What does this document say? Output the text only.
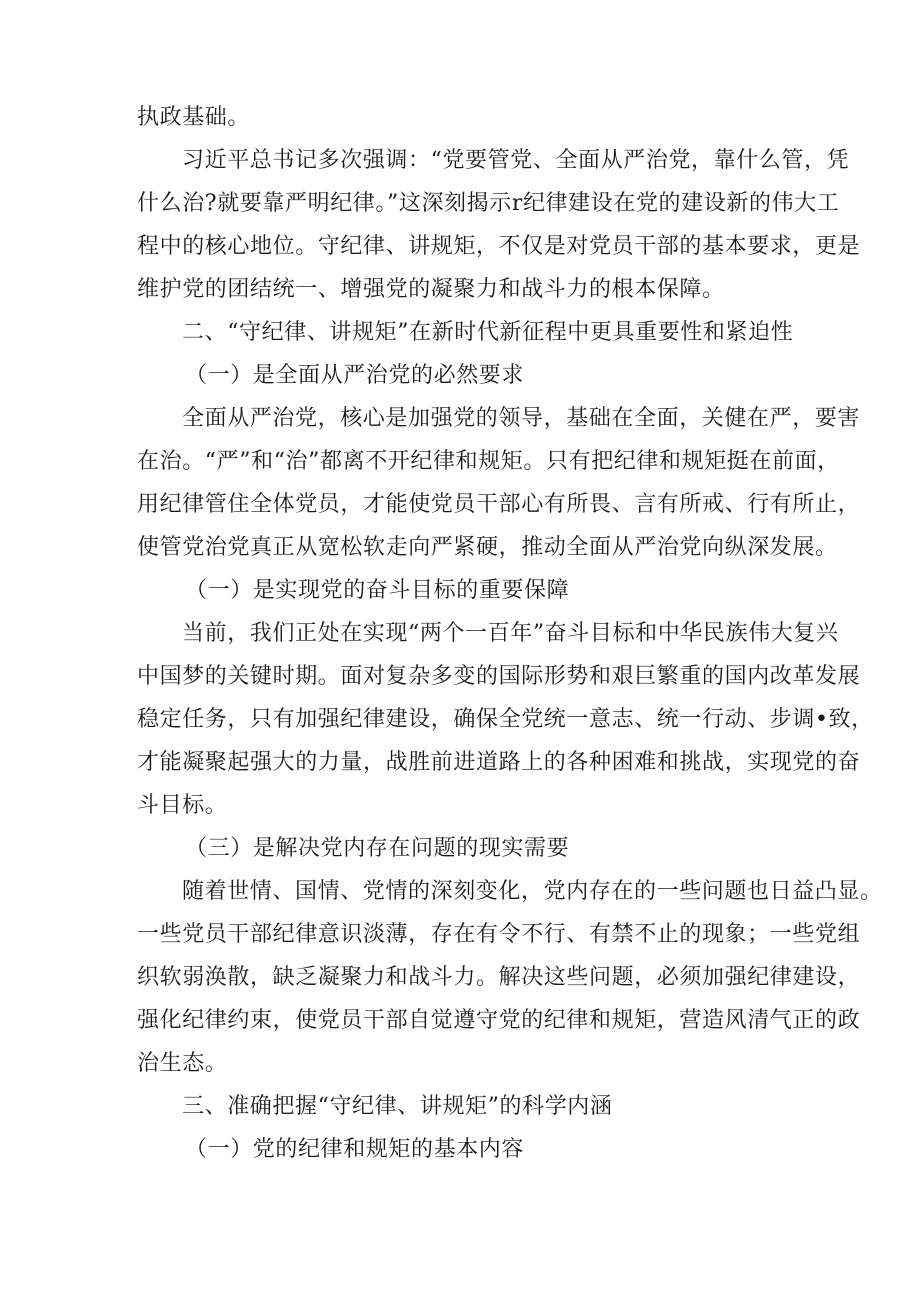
执政基础。
习近平总书记多次强调：“党要管党、全面从严治党，靠什么管，凭
什么治?就要靠严明纪律。”这深刻揭示r纪律建设在党的建设新的伟大工
程中的核心地位。守纪律、讲规矩，不仅是对党员干部的基本要求，更是
维护党的团结统一、增强党的凝聚力和战斗力的根本保障。
二、“守纪律、讲规矩”在新时代新征程中更具重要性和紧迫性
（一）是全面从严治党的必然要求
全面从严治党，核心是加强党的领导，基础在全面，关健在严，要害
在治。“严”和“治”都离不开纪律和规矩。只有把纪律和规矩挺在前面，
用纪律管住全体党员，才能使党员干部心有所畏、言有所戒、行有所止，
使管党治党真正从宽松软走向严紧硬，推动全面从严治党向纵深发展。
（一）是实现党的奋斗目标的重要保障
当前，我们正处在实现“两个一百年”奋斗目标和中华民族伟大复兴
中国梦的关键时期。面对复杂多变的国际形势和艰巨繁重的国内改革发展
稳定任务，只有加强纪律建设，确保全党统一意志、统一行动、步调•致，
才能凝聚起强大的力量，战胜前进道路上的各种困难和挑战，实现党的奋
斗目标。
（三）是解决党内存在问题的现实需要
随着世情、国情、党情的深刻变化，党内存在的一些问题也日益凸显。
一些党员干部纪律意识淡薄，存在有令不行、有禁不止的现象；一些党组
织软弱涣散，缺乏凝聚力和战斗力。解决这些问题，必须加强纪律建设，
强化纪律约束，使党员干部自觉遵守党的纪律和规矩，营造风清气正的政
治生态。
三、准确把握“守纪律、讲规矩”的科学内涵
（一）党的纪律和规矩的基本内容
